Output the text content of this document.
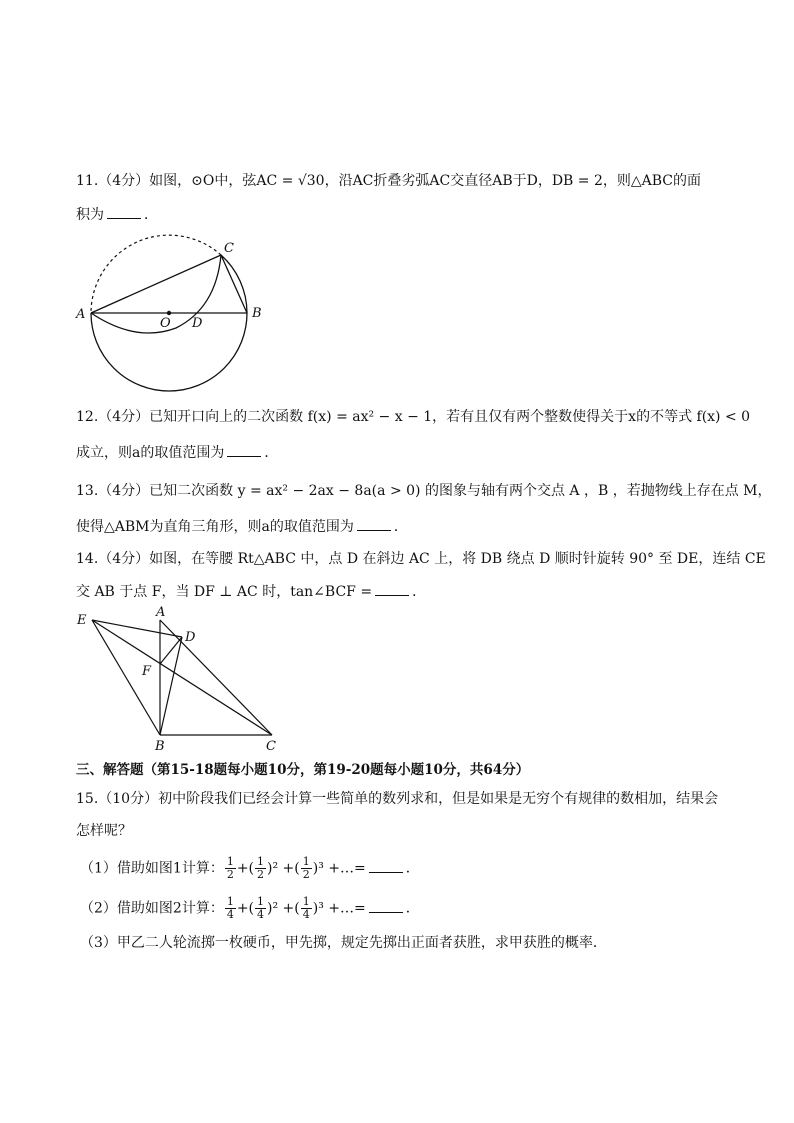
11.（4分）如图，⊙O中，弦AC = √30，沿AC折叠劣弧AC交直径AB于D，DB = 2，则△ABC的面
积为	．
A	B
C
O D
12.（4分）已知开口向上的二次函数 f(x) = ax² − x − 1，若有且仅有两个整数使得关于x的不等式 f(x) < 0
成立，则a的取值范围为	．
13.（4分）已知二次函数 y = ax² − 2ax − 8a(a > 0) 的图象与轴有两个交点 A ，B ，若抛物线上存在点 M，
使得△ABM为直角三角形，则a的取值范围为	．
14.（4分）如图，在等腰 Rt△ABC 中，点 D 在斜边 AC 上，将 DB 绕点 D 顺时针旋转 90° 至 DE，连结 CE
交 AB 于点 F，当 DF ⊥ AC 时，tan∠BCF =	．
A
E
D
F
B	C
三、解答题（第15-18题每小题10分，第19-20题每小题10分，共64分）
15.（10分）初中阶段我们已经会计算一些简单的数列求和，但是如果是无穷个有规律的数相加，结果会
怎样呢？
（1）借助如图1计算： $\frac{1}{2}$ +( $\frac{1}{2} )^2$ +( $\frac{1}{2} )^3$ +…=	．
（2）借助如图2计算： $\frac{1}{4}$ +( $\frac{1}{4} )^2$ +( $\frac{1}{4} )^3$ +…=	．
（3）甲乙二人轮流掷一枚硬币，甲先掷，规定先掷出正面者获胜，求甲获胜的概率．
